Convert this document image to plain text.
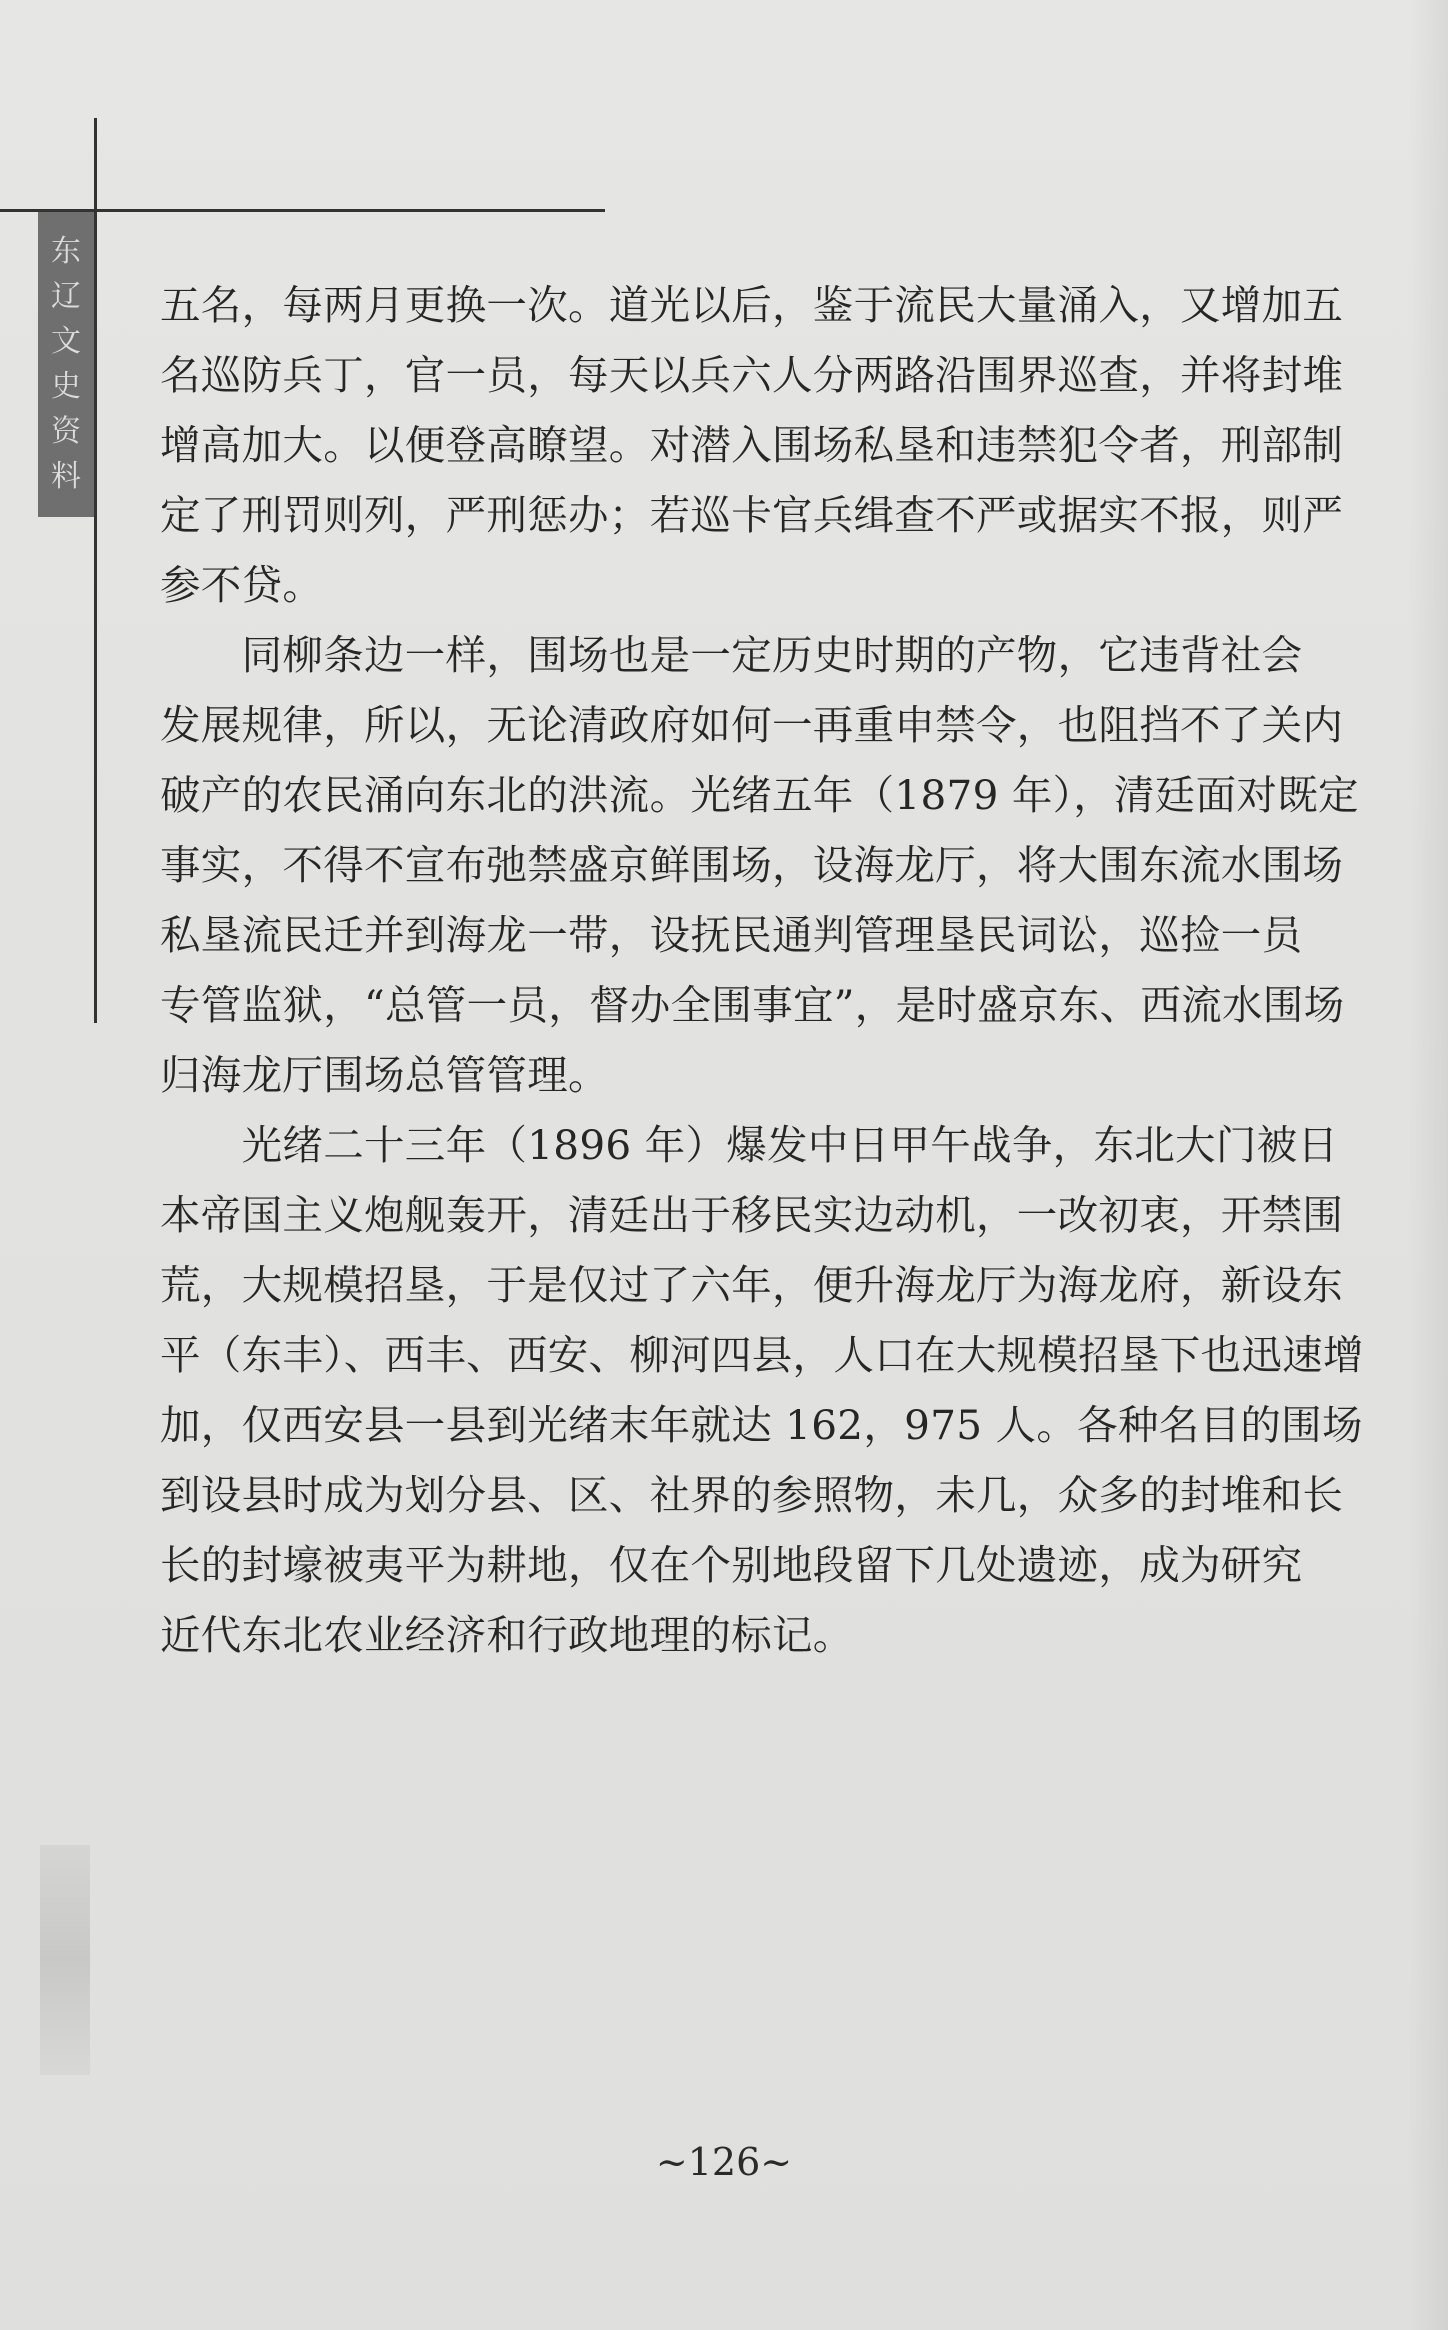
东
辽
文
史
资
料
五名，每两月更换一次。道光以后，鉴于流民大量涌入，又增加五
名巡防兵丁，官一员，每天以兵六人分两路沿围界巡查，并将封堆
增高加大。以便登高瞭望。对潜入围场私垦和违禁犯令者，刑部制
定了刑罚则列，严刑惩办；若巡卡官兵缉查不严或据实不报，则严
参不贷。
　　同柳条边一样，围场也是一定历史时期的产物，它违背社会
发展规律，所以，无论清政府如何一再重申禁令，也阻挡不了关内
破产的农民涌向东北的洪流。光绪五年（1879 年），清廷面对既定
事实，不得不宣布弛禁盛京鲜围场，设海龙厅，将大围东流水围场
私垦流民迁并到海龙一带，设抚民通判管理垦民词讼，巡捡一员
专管监狱，“总管一员，督办全围事宜”，是时盛京东、西流水围场
归海龙厅围场总管管理。
　　光绪二十三年（1896 年）爆发中日甲午战争，东北大门被日
本帝国主义炮舰轰开，清廷出于移民实边动机，一改初衷，开禁围
荒，大规模招垦，于是仅过了六年，便升海龙厅为海龙府，新设东
平（东丰）、西丰、西安、柳河四县，人口在大规模招垦下也迅速增
加，仅西安县一县到光绪末年就达 162，975 人。各种名目的围场
到设县时成为划分县、区、社界的参照物，未几，众多的封堆和长
长的封壕被夷平为耕地，仅在个别地段留下几处遗迹，成为研究
近代东北农业经济和行政地理的标记。
~126~
